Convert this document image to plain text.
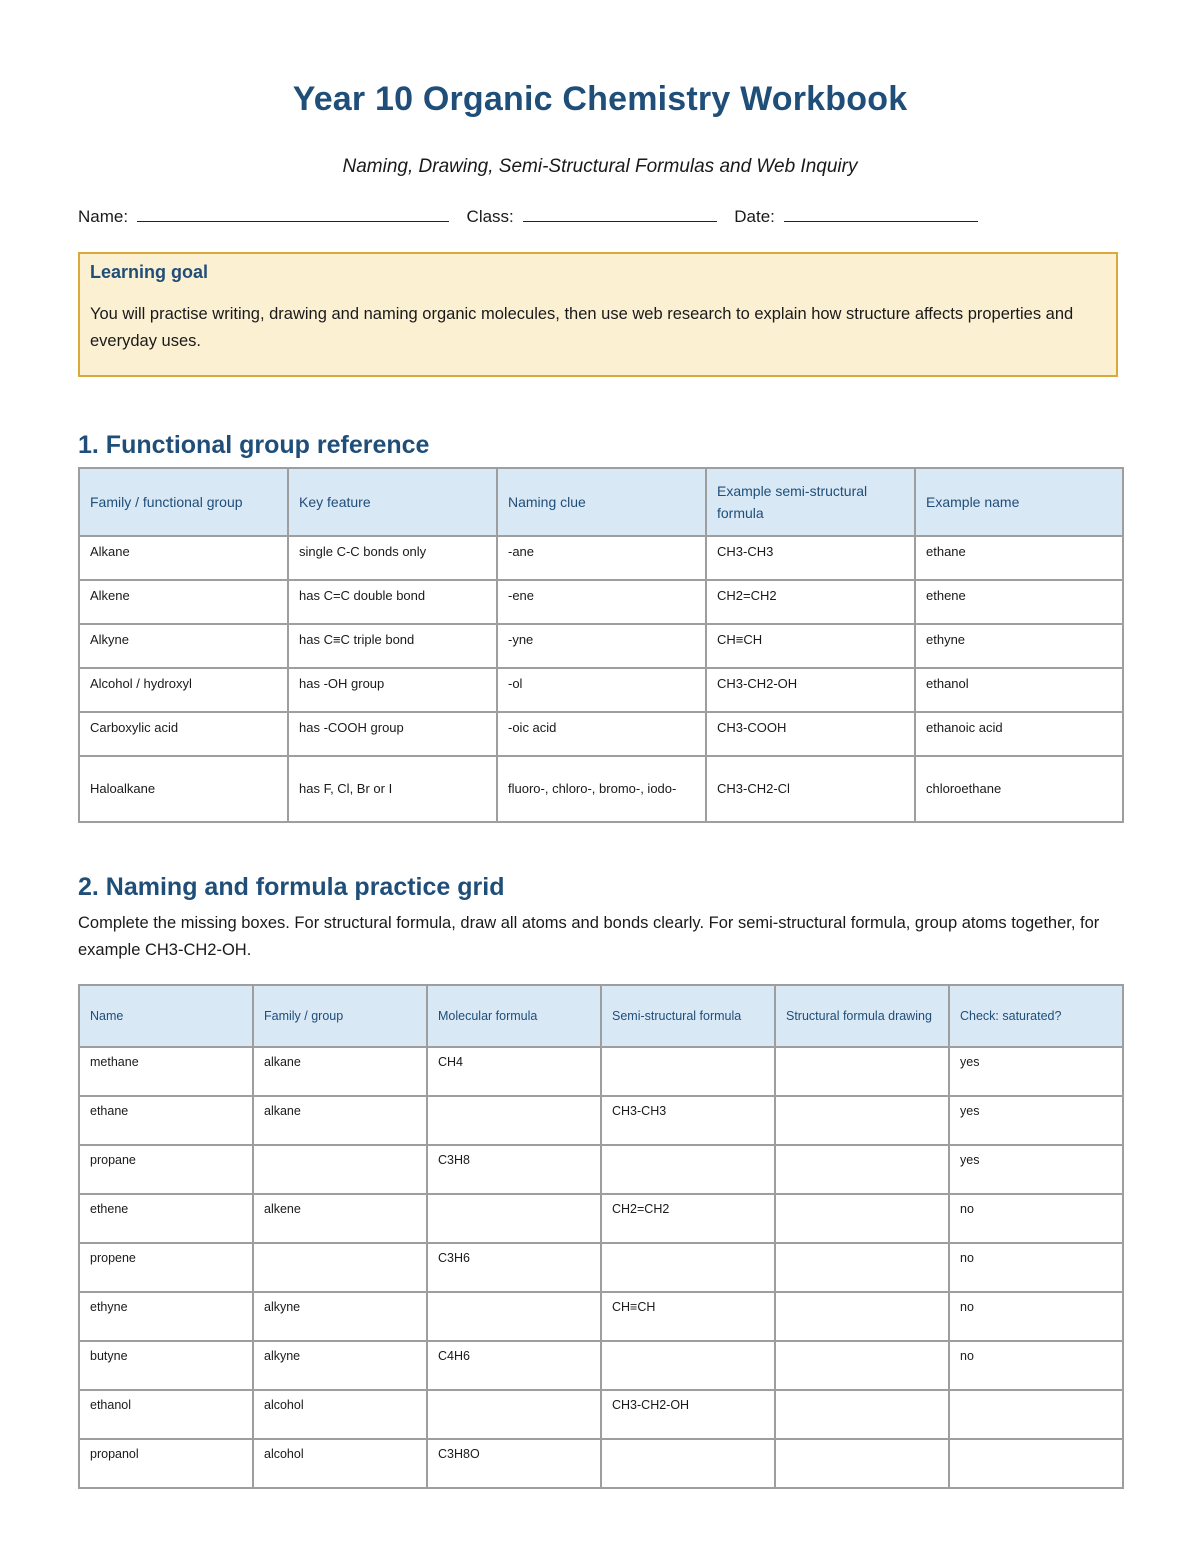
Year 10 Organic Chemistry Workbook
Naming, Drawing, Semi-Structural Formulas and Web Inquiry
Name:	Class:	Date:
Learning goal
You will practise writing, drawing and naming organic molecules, then use web research to explain how structure affects properties and everyday uses.
1. Functional group reference
Family / functional group	Key feature	Naming clue	Example semi-structural formula	Example name
Alkane	single C-C bonds only	-ane	CH3-CH3	ethane
Alkene	has C=C double bond	-ene	CH2=CH2	ethene
Alkyne	has C≡C triple bond	-yne	CH≡CH	ethyne
Alcohol / hydroxyl	has -OH group	-ol	CH3-CH2-OH	ethanol
Carboxylic acid	has -COOH group	-oic acid	CH3-COOH	ethanoic acid
Haloalkane	has F, Cl, Br or I	fluoro-, chloro-, bromo-, iodo-	CH3-CH2-Cl	chloroethane
2. Naming and formula practice grid
Complete the missing boxes. For structural formula, draw all atoms and bonds clearly. For semi-structural formula, group atoms together, for example CH3-CH2-OH.
Name	Family / group	Molecular formula	Semi-structural formula	Structural formula drawing	Check: saturated?
methane	alkane	CH4			yes
ethane	alkane		CH3-CH3		yes
propane		C3H8			yes
ethene	alkene		CH2=CH2		no
propene		C3H6			no
ethyne	alkyne		CH≡CH		no
butyne	alkyne	C4H6			no
ethanol	alcohol		CH3-CH2-OH		
propanol	alcohol	C3H8O			
